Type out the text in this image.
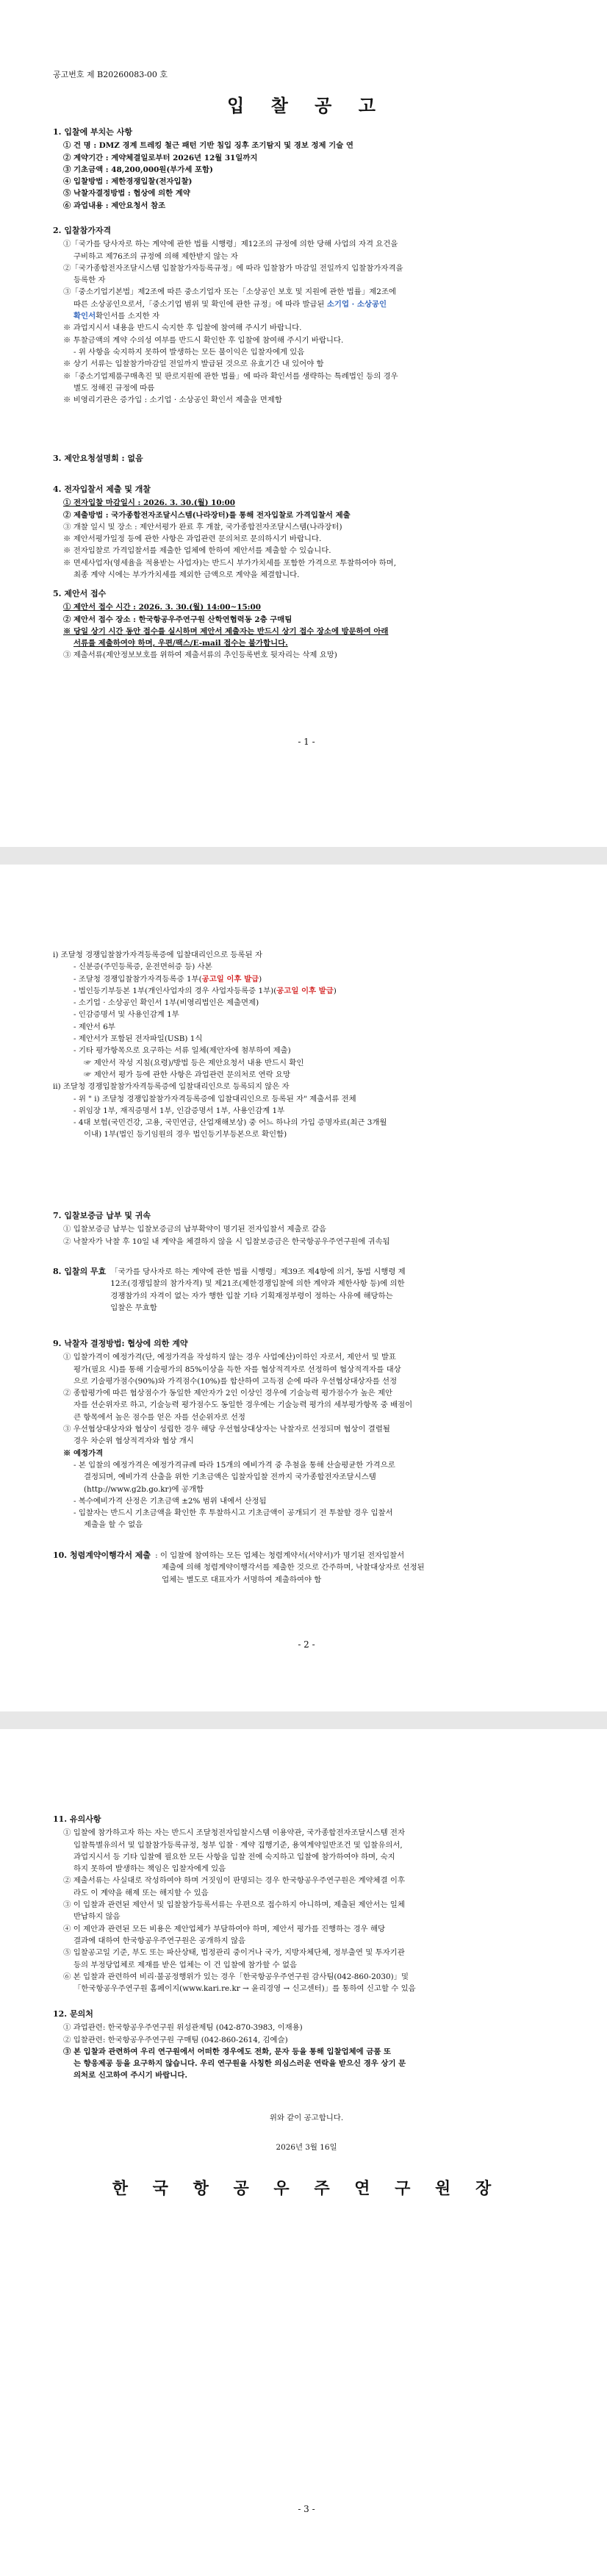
공고번호 제 B20260083-00 호
입 찰 공 고
1. 입찰에 부치는 사항
① 건 명 : DMZ 경계 트레킹 철근 패턴 기반 침입 징후 조기탐지 및 경보 정제 기술 연
② 계약기간 : 계약체결일로부터 2026년 12월 31일까지
③ 기초금액 : 48,200,000원(부가세 포함)
④ 입찰방법 : 제한경쟁입찰(전자입찰)
⑤ 낙찰자결정방법 : 협상에 의한 계약
⑥ 과업내용 : 제안요청서 참조
2. 입찰참가자격
①「국가를 당사자로 하는 계약에 관한 법률 시행령」제12조의 규정에 의한 당해 사업의 자격 요건을
구비하고 제76조의 규정에 의해 제한받지 않는 자
②「국가종합전자조달시스템 입찰참가자등록규정」에 따라 입찰참가 마감일 전일까지 입찰참가자격을
등록한 자
③「중소기업기본법」제2조에 따른 중소기업자 또는「소상공인 보호 및 지원에 관한 법률」제2조에
따른 소상공인으로서,「중소기업 범위 및 확인에 관한 규정」에 따라 발급된 소기업 · 소상공인
확인서확인서를 소지한 자
※ 과업지시서 내용을 반드시 숙지한 후 입찰에 참여해 주시기 바랍니다.
※ 투찰금액의 계약 수의성 여부를 반드시 확인한 후 입찰에 참여해 주시기 바랍니다.
- 위 사항을 숙지하지 못하여 발생하는 모든 불이익은 입찰자에게 있음
※ 상기 서류는 입찰참가마감일 전일까지 발급된 것으로 유효기간 내 있어야 함
※「중소기업제품구매촉진 및 판로지원에 관한 법률」에 따라 확인서를 생략하는 특례법인 등의 경우
별도 정해진 규정에 따름
※ 비영리기관은 증가입 : 소기업 · 소상공인 확인서 제출을 면제함
3. 제안요청설명회 : 없음
4. 전자입찰서 제출 및 개찰
① 전자입찰 마감일시 : 2026. 3. 30.(월) 10:00
② 제출방법 : 국가종합전자조달시스템(나라장터)를 통해 전자입찰로 가격입찰서 제출
③ 개찰 일시 및 장소 : 제안서평가 완료 후 개찰, 국가종합전자조달시스템(나라장터)
※ 제안서평가일정 등에 관한 사항은 과업관련 문의처로 문의하시기 바랍니다.
※ 전자입찰로 가격입찰서를 제출한 업체에 한하여 제안서를 제출할 수 있습니다.
※ 면세사업자(영세율을 적용받는 사업자)는 반드시 부가가치세를 포함한 가격으로 투찰하여야 하며,
최종 계약 시에는 부가가치세를 제외한 금액으로 계약을 체결합니다.
5. 제안서 접수
① 제안서 접수 시간 : 2026. 3. 30.(월) 14:00~15:00
② 제안서 접수 장소 : 한국항공우주연구원 산학연협력동 2층 구매팀
※ 당일 상기 시간 동안 접수를 실시하며 제안서 제출자는 반드시 상기 접수 장소에 방문하여 아래
서류를 제출하여야 하며, 우편/팩스/E-mail 접수는 불가합니다.
③ 제출서류(제안정보보호를 위하여 제출서류의 추인등록번호 뒷자리는 삭제 요망)
- 1 -
ⅰ) 조달청 경쟁입찰참가자격등록증에 입찰대리인으로 등록된 자
- 신분증(주민등록증, 운전면허증 등) 사본
- 조달청 경쟁입찰참가자격등록증 1부(공고일 이후 발급)
- 법인등기부등본 1부(개인사업자의 경우 사업자등록증 1부)(공고일 이후 발급)
- 소기업 · 소상공인 확인서 1부(비영리법인은 제출면제)
- 인감증명서 및 사용인감계 1부
- 제안서 6부
- 제안서가 포함된 전자파일(USB) 1식
- 기타 평가항목으로 요구하는 서류 일체(제안자에 첨부하여 제출)
☞ 제안서 작성 지침(요령)/방법 등은 제안요청서 내용 반드시 확인
☞ 제안서 평가 등에 관한 사항은 과업관련 문의처로 연락 요망
ⅱ) 조달청 경쟁입찰참가자격등록증에 입찰대리인으로 등록되지 않은 자
- 위 " ⅰ) 조달청 경쟁입찰참가자격등록증에 입찰대리인으로 등록된 자" 제출서류 전체
- 위임장 1부, 재직증명서 1부, 인감증명서 1부, 사용인감계 1부
- 4대 보험(국민건강, 고용, 국민연금, 산업재해보상) 중 어느 하나의 가입 증명자료(최근 3개월
이내) 1부(법인 등기임원의 경우 법인등기부등본으로 확인함)
7. 입찰보증금 납부 및 귀속
① 입찰보증금 납부는 입찰보증금의 납부확약이 명기된 전자입찰서 제출로 갈음
② 낙찰자가 낙찰 후 10일 내 계약을 체결하지 않을 시 입찰보증금은 한국항공우주연구원에 귀속됨
8. 입찰의 무효 「국가를 당사자로 하는 계약에 관한 법률 시행령」제39조 제4항에 의거, 동법 시행령 제
12조(경쟁입찰의 참가자격) 및 제21조(제한경쟁입찰에 의한 계약과 제한사항 등)에 의한
경쟁참가의 자격이 없는 자가 행한 입찰 기타 기획재정부령이 정하는 사유에 해당하는
입찰은 무효함
9. 낙찰자 결정방법: 협상에 의한 계약
① 입찰가격이 예정가격(단, 예정가격을 작성하지 않는 경우 사업예산)이하인 자로서, 제안서 및 발표
평가(필요 시)를 통해 기술평가의 85%이상을 득한 자를 협상적격자로 선정하여 협상적격자를 대상
으로 기술평가점수(90%)와 가격점수(10%)를 합산하여 고득점 순에 따라 우선협상대상자를 선정
② 종합평가에 따른 협상점수가 동일한 제안자가 2인 이상인 경우에 기술능력 평가점수가 높은 제안
자를 선순위자로 하고, 기술능력 평가점수도 동일한 경우에는 기술능력 평가의 세부평가항목 중 배점이
큰 항목에서 높은 점수를 얻은 자를 선순위자로 선정
③ 우선협상대상자와 협상이 성립한 경우 해당 우선협상대상자는 낙찰자로 선정되며 협상이 결렬될
경우 차순위 협상적격자와 협상 개시
※ 예정가격
- 본 입찰의 예정가격은 예정가격규례 따라 15개의 예비가격 중 추첨을 통해 산술평균한 가격으로
결정되며, 예비가격 산출을 위한 기초금액은 입찰자입찰 전까지 국가종합전자조달시스템
(http://www.g2b.go.kr)에 공개함
- 복수예비가격 산정은 기초금액 ±2% 범위 내에서 산정됨
- 입찰자는 반드시 기초금액을 확인한 후 투찰하시고 기초금액이 공개되기 전 투찰할 경우 입찰서
제출을 할 수 없음
10. 청렴계약이행각서 제출 : 이 입찰에 참여하는 모든 업체는 청렴계약서(서약서)가 명기된 전자입찰서
제출에 의해 청렴계약이행각서를 제출한 것으로 간주하며, 낙찰대상자로 선정된
업체는 별도로 대표자가 서명하여 제출하여야 함
- 2 -
11. 유의사항
① 입찰에 참가하고자 하는 자는 반드시 조달청전자입찰시스템 이용약관, 국가종합전자조달시스템 전자
입찰특별유의서 및 입찰참가등록규정, 청부 입찰 · 계약 집행기준, 용역계약일반조건 및 입찰유의서,
과업지시서 등 기타 입찰에 필요한 모든 사항을 입찰 전에 숙지하고 입찰에 참가하여야 하며, 숙지
하지 못하여 발생하는 책임은 입찰자에게 있음
② 제출서류는 사실대로 작성하여야 하며 거짓임이 판명되는 경우 한국항공우주연구원은 계약체결 이후
라도 이 계약을 해제 또는 해지할 수 있음
③ 이 입찰과 관련된 제안서 및 입찰참가등록서류는 우편으로 접수하지 아니하며, 제출된 제안서는 일체
반납하지 않음
④ 이 제안과 관련된 모든 비용은 제안업체가 부담하여야 하며, 제안서 평가를 진행하는 경우 해당
결과에 대하여 한국항공우주연구원은 공개하지 않음
⑤ 입찰공고일 기준, 부도 또는 파산상태, 법정관리 중이거나 국가, 지방자체단체, 정부출연 및 투자기관
등의 부정당업체로 제재를 받은 업체는 이 건 입찰에 참가할 수 없음
⑥ 본 입찰과 관련하여 비리·불공정행위가 있는 경우「한국항공우주연구원 감사팀(042-860-2030)」및
「한국항공우주연구원 홈페이지(www.kari.re.kr → 윤리경영 → 신고센터)」를 통하여 신고할 수 있음
12. 문의처
① 과업관련: 한국항공우주연구원 위성관제팀 (042-870-3983, 이재용)
② 입찰관련: 한국항공우주연구원 구매팀 (042-860-2614, 김예슬)
③ 본 입찰과 관련하여 우리 연구원에서 어떠한 경우에도 전화, 문자 등을 통해 입찰업체에 금품 또
는 향응제공 등을 요구하지 않습니다. 우리 연구원을 사칭한 의심스러운 연락을 받으신 경우 상기 문
의처로 신고하여 주시기 바랍니다.
위와 같이 공고합니다.
2026년 3월 16일
한 국 항 공 우 주 연 구 원 장
- 3 -
